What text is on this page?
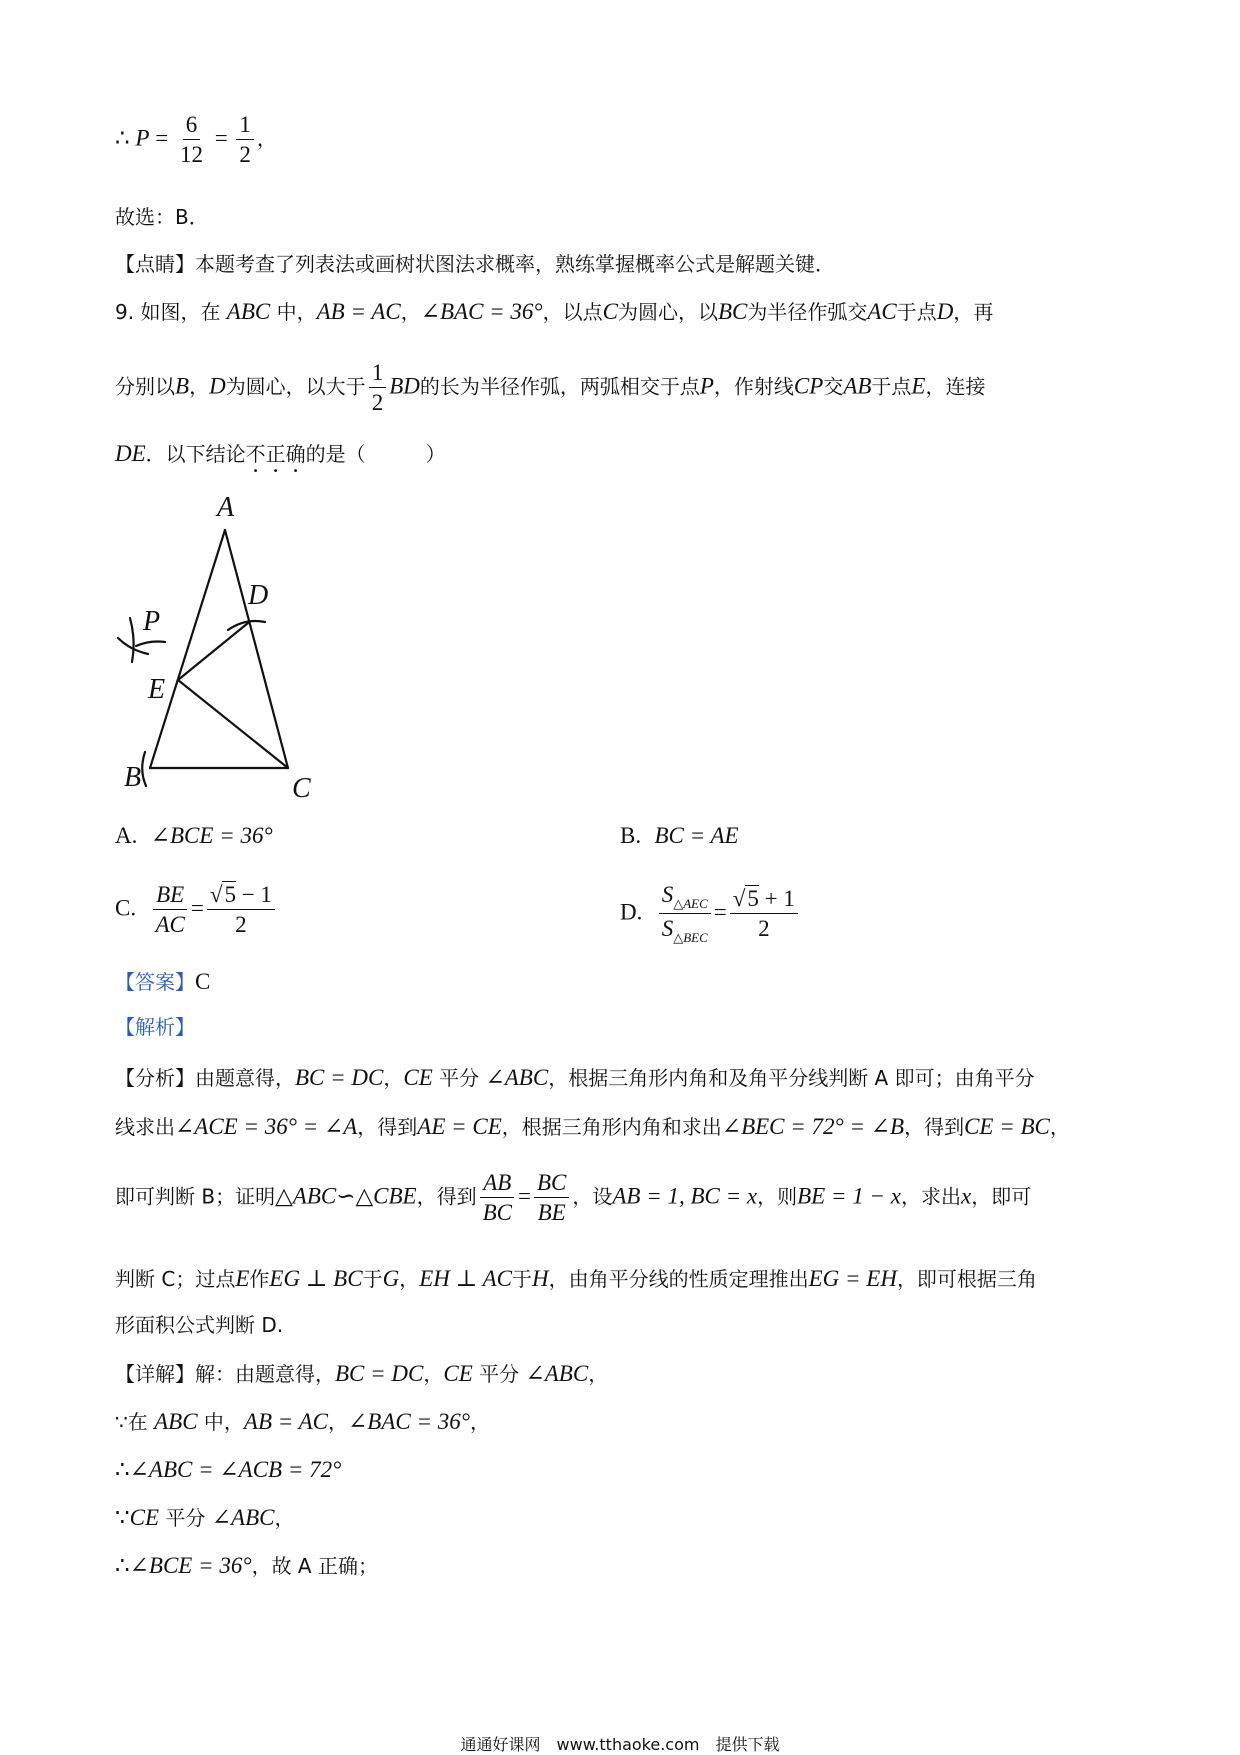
∴ $P = \frac{6}{12} = \frac{1}{2}$ ，
故选：B．
【点睛】本题考查了列表法或画树状图法求概率，熟练掌握概率公式是解题关键．
9. 如图，在 ABC 中，AB = AC，∠BAC = 36°，以点C为圆心，以BC为半径作弧交AC于点D，再
分别以B，D为圆心，以大于 $\frac{1}{2}$ BD的长为半径作弧，两弧相交于点P，作射线CP交AB于点E，连接
DE．以下结论不正确的是（　　　）
A
D
P
E
B	C
A. ∠BCE = 36°	B. BC = AE
C. $\frac{BE}{AC} = \frac{√5 - 1}{2}$	D. $\frac{S_{\triangle AEC}}{S_{\triangle BEC}} = \frac{√5 + 1}{2}$
【答案】C
【解析】
【分析】由题意得，BC = DC，CE 平分 ∠ABC，根据三角形内角和及角平分线判断 A 即可；由角平分
线求出∠ACE = 36° = ∠A，得到AE = CE，根据三角形内角和求出∠BEC = 72° = ∠B，得到CE = BC，
即可判断 B；证明△ABC∽△CBE，得到 $\frac{AB}{BC} = \frac{BC}{BE}$ ，设AB = 1, BC = x，则BE = 1 − x，求出x，即可
判断 C；过点E作EG ⊥ BC于G，EH ⊥ AC于H，由角平分线的性质定理推出EG = EH，即可根据三角
形面积公式判断 D.
【详解】解：由题意得，BC = DC，CE 平分 ∠ABC，
∵在 ABC 中，AB = AC，∠BAC = 36°，
∴∠ABC = ∠ACB = 72°
∵CE 平分 ∠ABC，
∴∠BCE = 36°，故 A 正确；
通通好课网　www.tthaoke.com　提供下载
